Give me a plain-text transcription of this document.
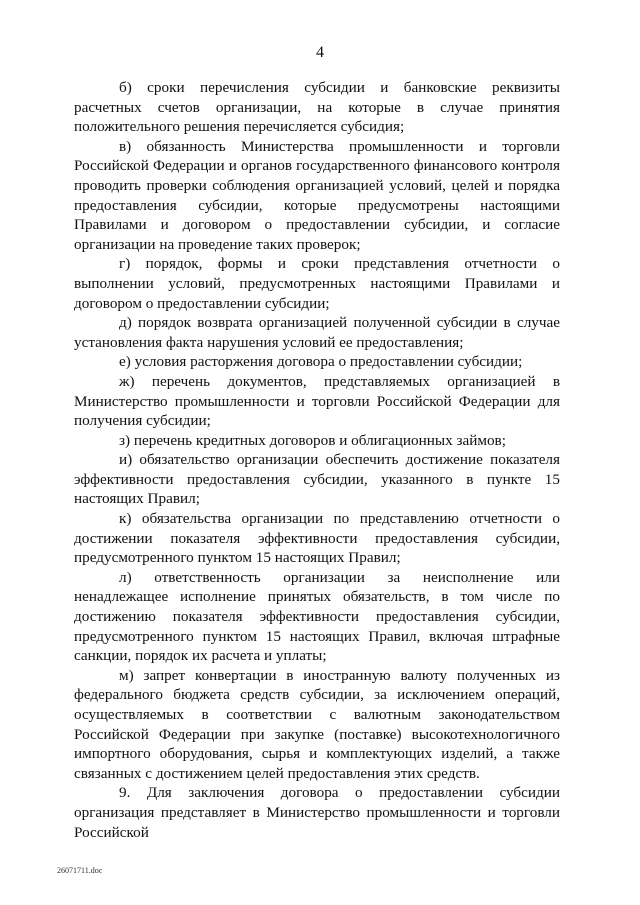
4

б) сроки перечисления субсидии и банковские реквизиты расчетных счетов организации, на которые в случае принятия положительного решения перечисляется субсидия;

в) обязанность Министерства промышленности и торговли Российской Федерации и органов государственного финансового контроля проводить проверки соблюдения организацией условий, целей и порядка предоставления субсидии, которые предусмотрены настоящими Правилами и договором о предоставлении субсидии, и согласие организации на проведение таких проверок;

г) порядок, формы и сроки представления отчетности о выполнении условий, предусмотренных настоящими Правилами и договором о предоставлении субсидии;

д) порядок возврата организацией полученной субсидии в случае установления факта нарушения условий ее предоставления;

е) условия расторжения договора о предоставлении субсидии;

ж) перечень документов, представляемых организацией в Министерство промышленности и торговли Российской Федерации для получения субсидии;

з) перечень кредитных договоров и облигационных займов;

и) обязательство организации обеспечить достижение показателя эффективности предоставления субсидии, указанного в пункте 15 настоящих Правил;

к) обязательства организации по представлению отчетности о достижении показателя эффективности предоставления субсидии, предусмотренного пунктом 15 настоящих Правил;

л) ответственность организации за неисполнение или ненадлежащее исполнение принятых обязательств, в том числе по достижению показателя эффективности предоставления субсидии, предусмотренного пунктом 15 настоящих Правил, включая штрафные санкции, порядок их расчета и уплаты;

м) запрет конвертации в иностранную валюту полученных из федерального бюджета средств субсидии, за исключением операций, осуществляемых в соответствии с валютным законодательством Российской Федерации при закупке (поставке) высокотехнологичного импортного оборудования, сырья и комплектующих изделий, а также связанных с достижением целей предоставления этих средств.

9. Для заключения договора о предоставлении субсидии организация представляет в Министерство промышленности и торговли Российской

26071711.doc
